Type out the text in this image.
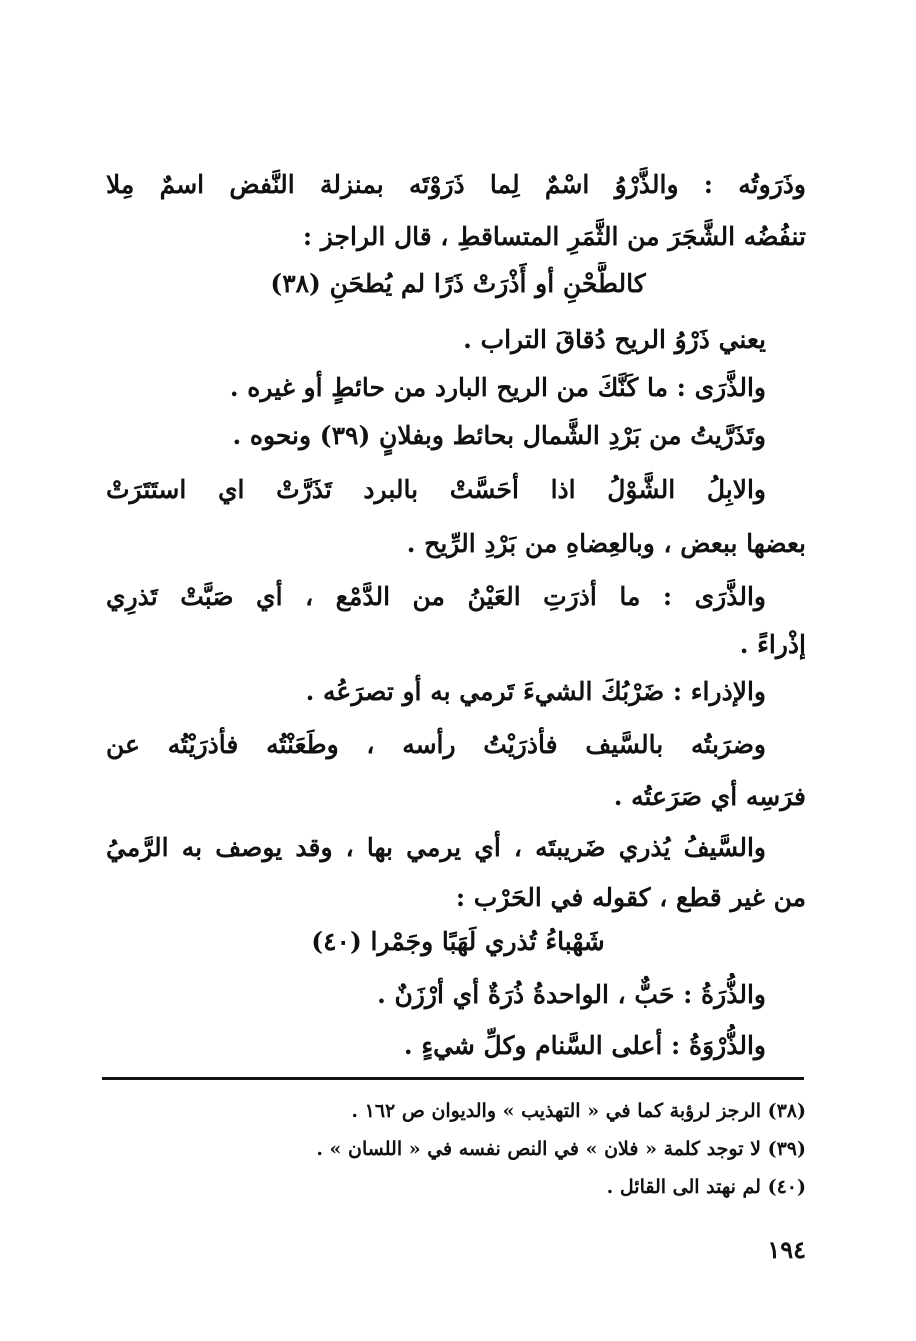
وذَرَوتُه : والذَّرْوُ اسْمٌ لِما ذَرَوْتَه بمنزلة النَّفض اسمٌ مِلا
تنفُضُه الشَّجَرَ من الثَّمَرِ المتساقطِ ، قال الراجز :
كالطَّحْنِ أو أَذْرَتْ ذَرًا لم يُطحَنِ (٣٨)
يعني ذَرْوُ الريح دُقاقَ التراب .
والذَّرَى : ما كَنَّكَ من الريح البارد من حائطٍ أو غيره .
وتَذَرَّيتُ من بَرْدِ الشَّمال بحائط وبفلانٍ (٣٩) ونحوه .
والابِلُ الشَّوْلُ اذا أحَسَّتْ بالبرد تَذَرَّتْ اي استَتَرَتْ
بعضها ببعض ، وبالعِضاهِ من بَرْدِ الرِّيح .
والذَّرَى : ما أذرَتِ العَيْنُ من الدَّمْع ، أي صَبَّتْ تَذرِي
إذْراءً .
والإذراء : ضَرْبُكَ الشيءَ تَرمي به أو تصرَعُه .
وضرَبتُه بالسَّيف فأذرَيْتُ رأسه ، وطَعَنْتُه فأذرَيْتُه عن
فرَسِه أي صَرَعتُه .
والسَّيفُ يُذري ضَريبتَه ، أي يرمي بها ، وقد يوصف به الرَّميُ
من غير قطع ، كقوله في الحَرْب :
شَهْباءُ تُذري لَهَبًا وجَمْرا (٤٠)
والذُّرَةُ : حَبٌّ ، الواحدةُ ذُرَةٌ أي أرْزَنٌ .
والذُّرْوَةُ : أعلى السَّنام وكلِّ شيءٍ .
(٣٨) الرجز لرؤبة كما في « التهذيب » والديوان ص ١٦٢ .
(٣٩) لا توجد كلمة « فلان » في النص نفسه في « اللسان » .
(٤٠) لم نهتد الى القائل .
١٩٤
